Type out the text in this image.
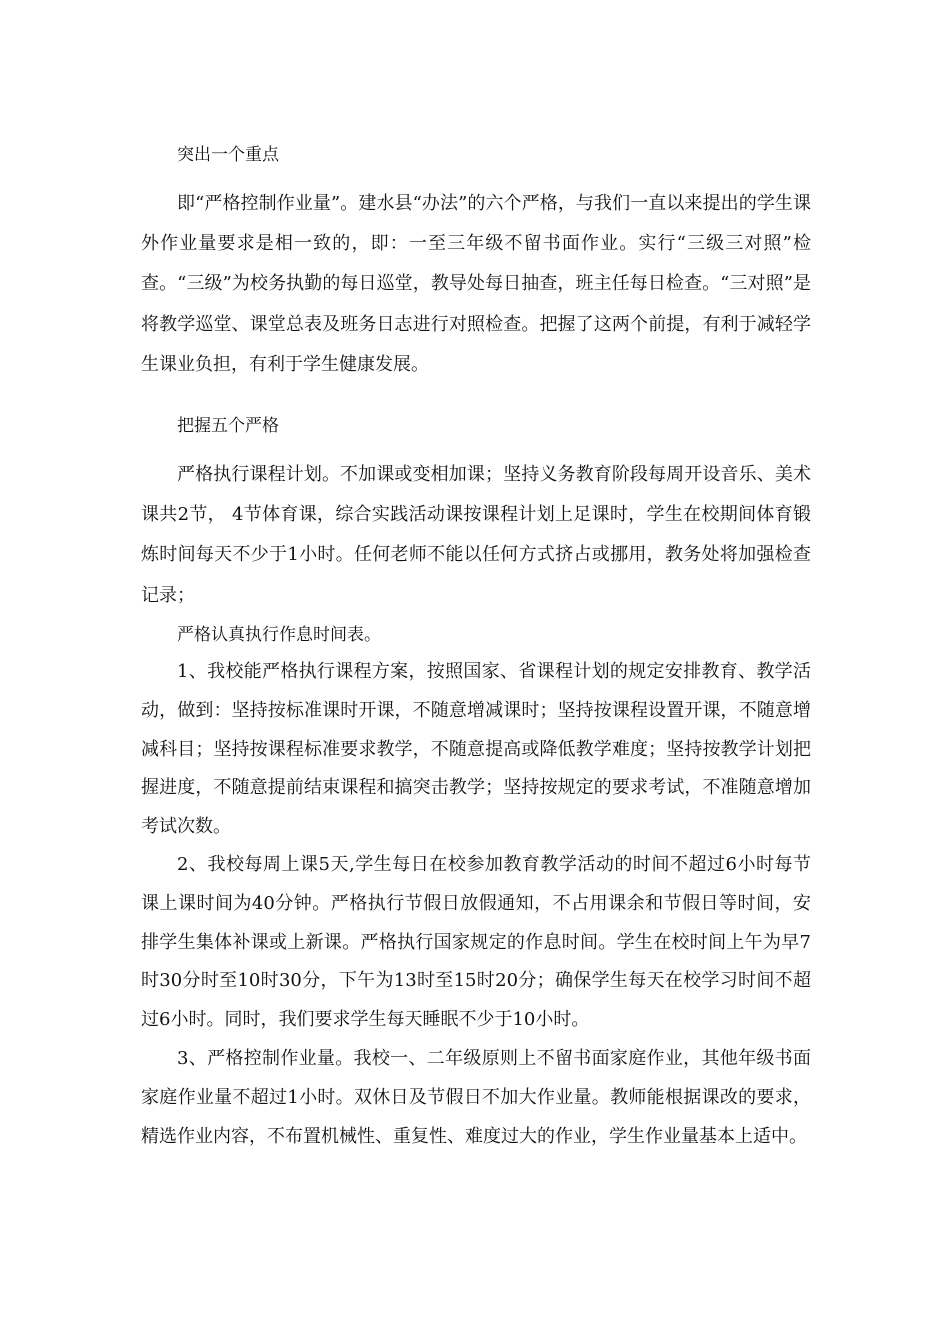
突出一个重点

即“严格控制作业量”。建水县“办法”的六个严格，与我们一直以来提出的学生课外作业量要求是相一致的，即：一至三年级不留书面作业。实行“三级三对照”检查。“三级”为校务执勤的每日巡堂，教导处每日抽查，班主任每日检查。“三对照”是将教学巡堂、课堂总表及班务日志进行对照检查。把握了这两个前提，有利于减轻学生课业负担，有利于学生健康发展。

把握五个严格

严格执行课程计划。不加课或变相加课；坚持义务教育阶段每周开设音乐、美术课共2节， 4节体育课，综合实践活动课按课程计划上足课时，学生在校期间体育锻炼时间每天不少于1小时。任何老师不能以任何方式挤占或挪用，教务处将加强检查记录；

严格认真执行作息时间表。

1、我校能严格执行课程方案，按照国家、省课程计划的规定安排教育、教学活动，做到：坚持按标准课时开课，不随意增减课时；坚持按课程设置开课，不随意增减科目；坚持按课程标准要求教学，不随意提高或降低教学难度；坚持按教学计划把握进度，不随意提前结束课程和搞突击教学；坚持按规定的要求考试，不准随意增加考试次数。

2、我校每周上课5天,学生每日在校参加教育教学活动的时间不超过6小时每节课上课时间为40分钟。严格执行节假日放假通知，不占用课余和节假日等时间，安排学生集体补课或上新课。严格执行国家规定的作息时间。学生在校时间上午为早7时30分时至10时30分，下午为13时至15时20分；确保学生每天在校学习时间不超过6小时。同时，我们要求学生每天睡眠不少于10小时。

3、严格控制作业量。我校一、二年级原则上不留书面家庭作业，其他年级书面家庭作业量不超过1小时。双休日及节假日不加大作业量。教师能根据课改的要求，精选作业内容，不布置机械性、重复性、难度过大的作业，学生作业量基本上适中。
